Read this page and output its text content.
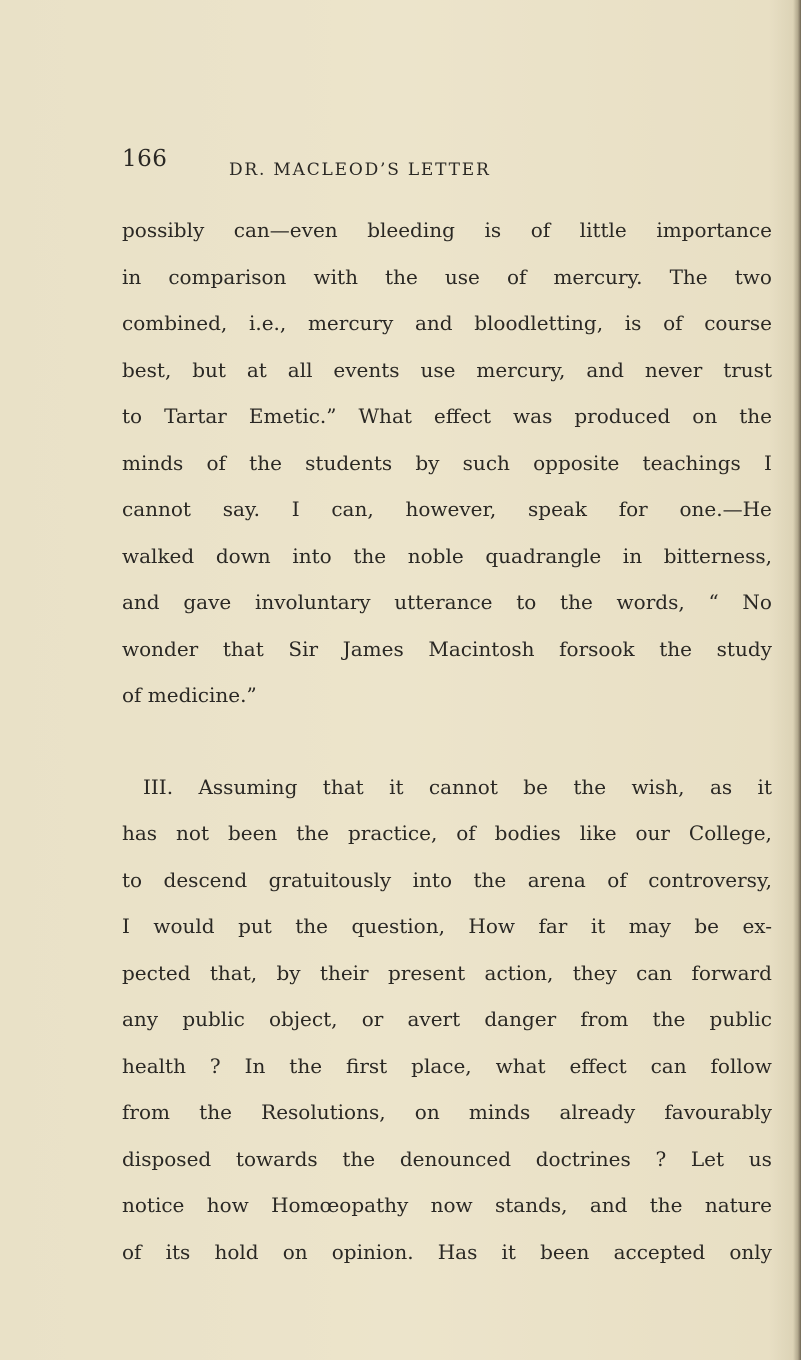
166	DR. MACLEOD’S LETTER
possibly can—even bleeding is of little importance
in comparison with the use of mercury. The two
combined, i.e., mercury and bloodletting, is of course
best, but at all events use mercury, and never trust
to Tartar Emetic.” What effect was produced on the
minds of the students by such opposite teachings I
cannot say. I can, however, speak for one.—He
walked down into the noble quadrangle in bitterness,
and gave involuntary utterance to the words, “ No
wonder that Sir James Macintosh forsook the study
of medicine.”
III. Assuming that it cannot be the wish, as it
has not been the practice, of bodies like our College,
to descend gratuitously into the arena of controversy,
I would put the question, How far it may be ex-
pected that, by their present action, they can forward
any public object, or avert danger from the public
health ? In the first place, what effect can follow
from the Resolutions, on minds already favourably
disposed towards the denounced doctrines ? Let us
notice how Homœopathy now stands, and the nature
of its hold on opinion. Has it been accepted only
